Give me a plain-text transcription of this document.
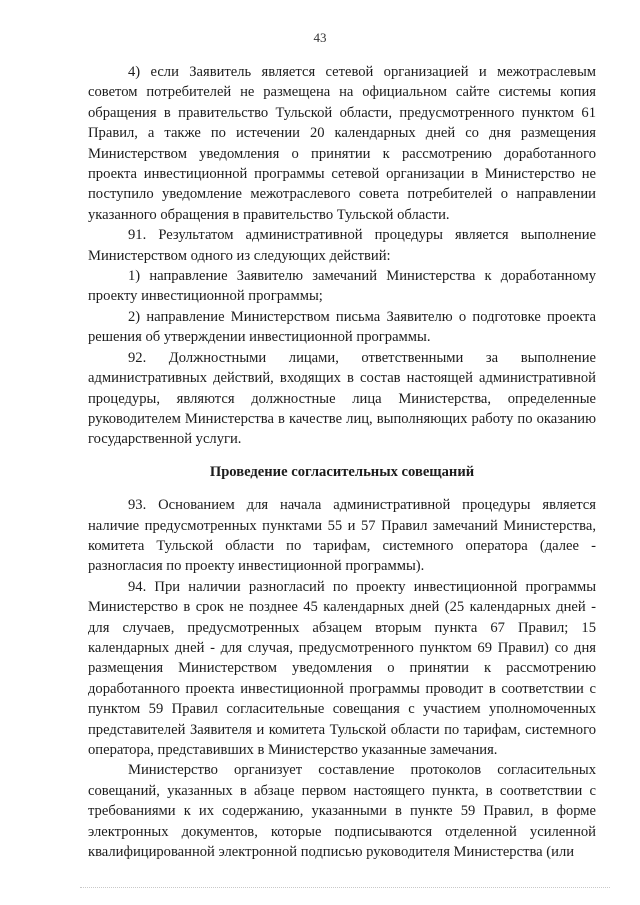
43

4) если Заявитель является сетевой организацией и межотраслевым советом потребителей не размещена на официальном сайте системы копия обращения в правительство Тульской области, предусмотренного пунктом 61 Правил, а также по истечении 20 календарных дней со дня размещения Министерством уведомления о принятии к рассмотрению доработанного проекта инвестиционной программы сетевой организации в Министерство не поступило уведомление межотраслевого совета потребителей о направлении указанного обращения в правительство Тульской области.

91. Результатом административной процедуры является выполнение Министерством одного из следующих действий:

1) направление Заявителю замечаний Министерства к доработанному проекту инвестиционной программы;

2) направление Министерством письма Заявителю о подготовке проекта решения об утверждении инвестиционной программы.

92. Должностными лицами, ответственными за выполнение административных действий, входящих в состав настоящей административной процедуры, являются должностные лица Министерства, определенные руководителем Министерства в качестве лиц, выполняющих работу по оказанию государственной услуги.

Проведение согласительных совещаний

93. Основанием для начала административной процедуры является наличие предусмотренных пунктами 55 и 57 Правил замечаний Министерства, комитета Тульской области по тарифам, системного оператора (далее - разногласия по проекту инвестиционной программы).

94. При наличии разногласий по проекту инвестиционной программы Министерство в срок не позднее 45 календарных дней (25 календарных дней - для случаев, предусмотренных абзацем вторым пункта 67 Правил; 15 календарных дней - для случая, предусмотренного пунктом 69 Правил) со дня размещения Министерством уведомления о принятии к рассмотрению доработанного проекта инвестиционной программы проводит в соответствии с пунктом 59 Правил согласительные совещания с участием уполномоченных представителей Заявителя и комитета Тульской области по тарифам, системного оператора, представивших в Министерство указанные замечания.

Министерство организует составление протоколов согласительных совещаний, указанных в абзаце первом настоящего пункта, в соответствии с требованиями к их содержанию, указанными в пункте 59 Правил, в форме электронных документов, которые подписываются отделенной усиленной квалифицированной электронной подписью руководителя Министерства (или
